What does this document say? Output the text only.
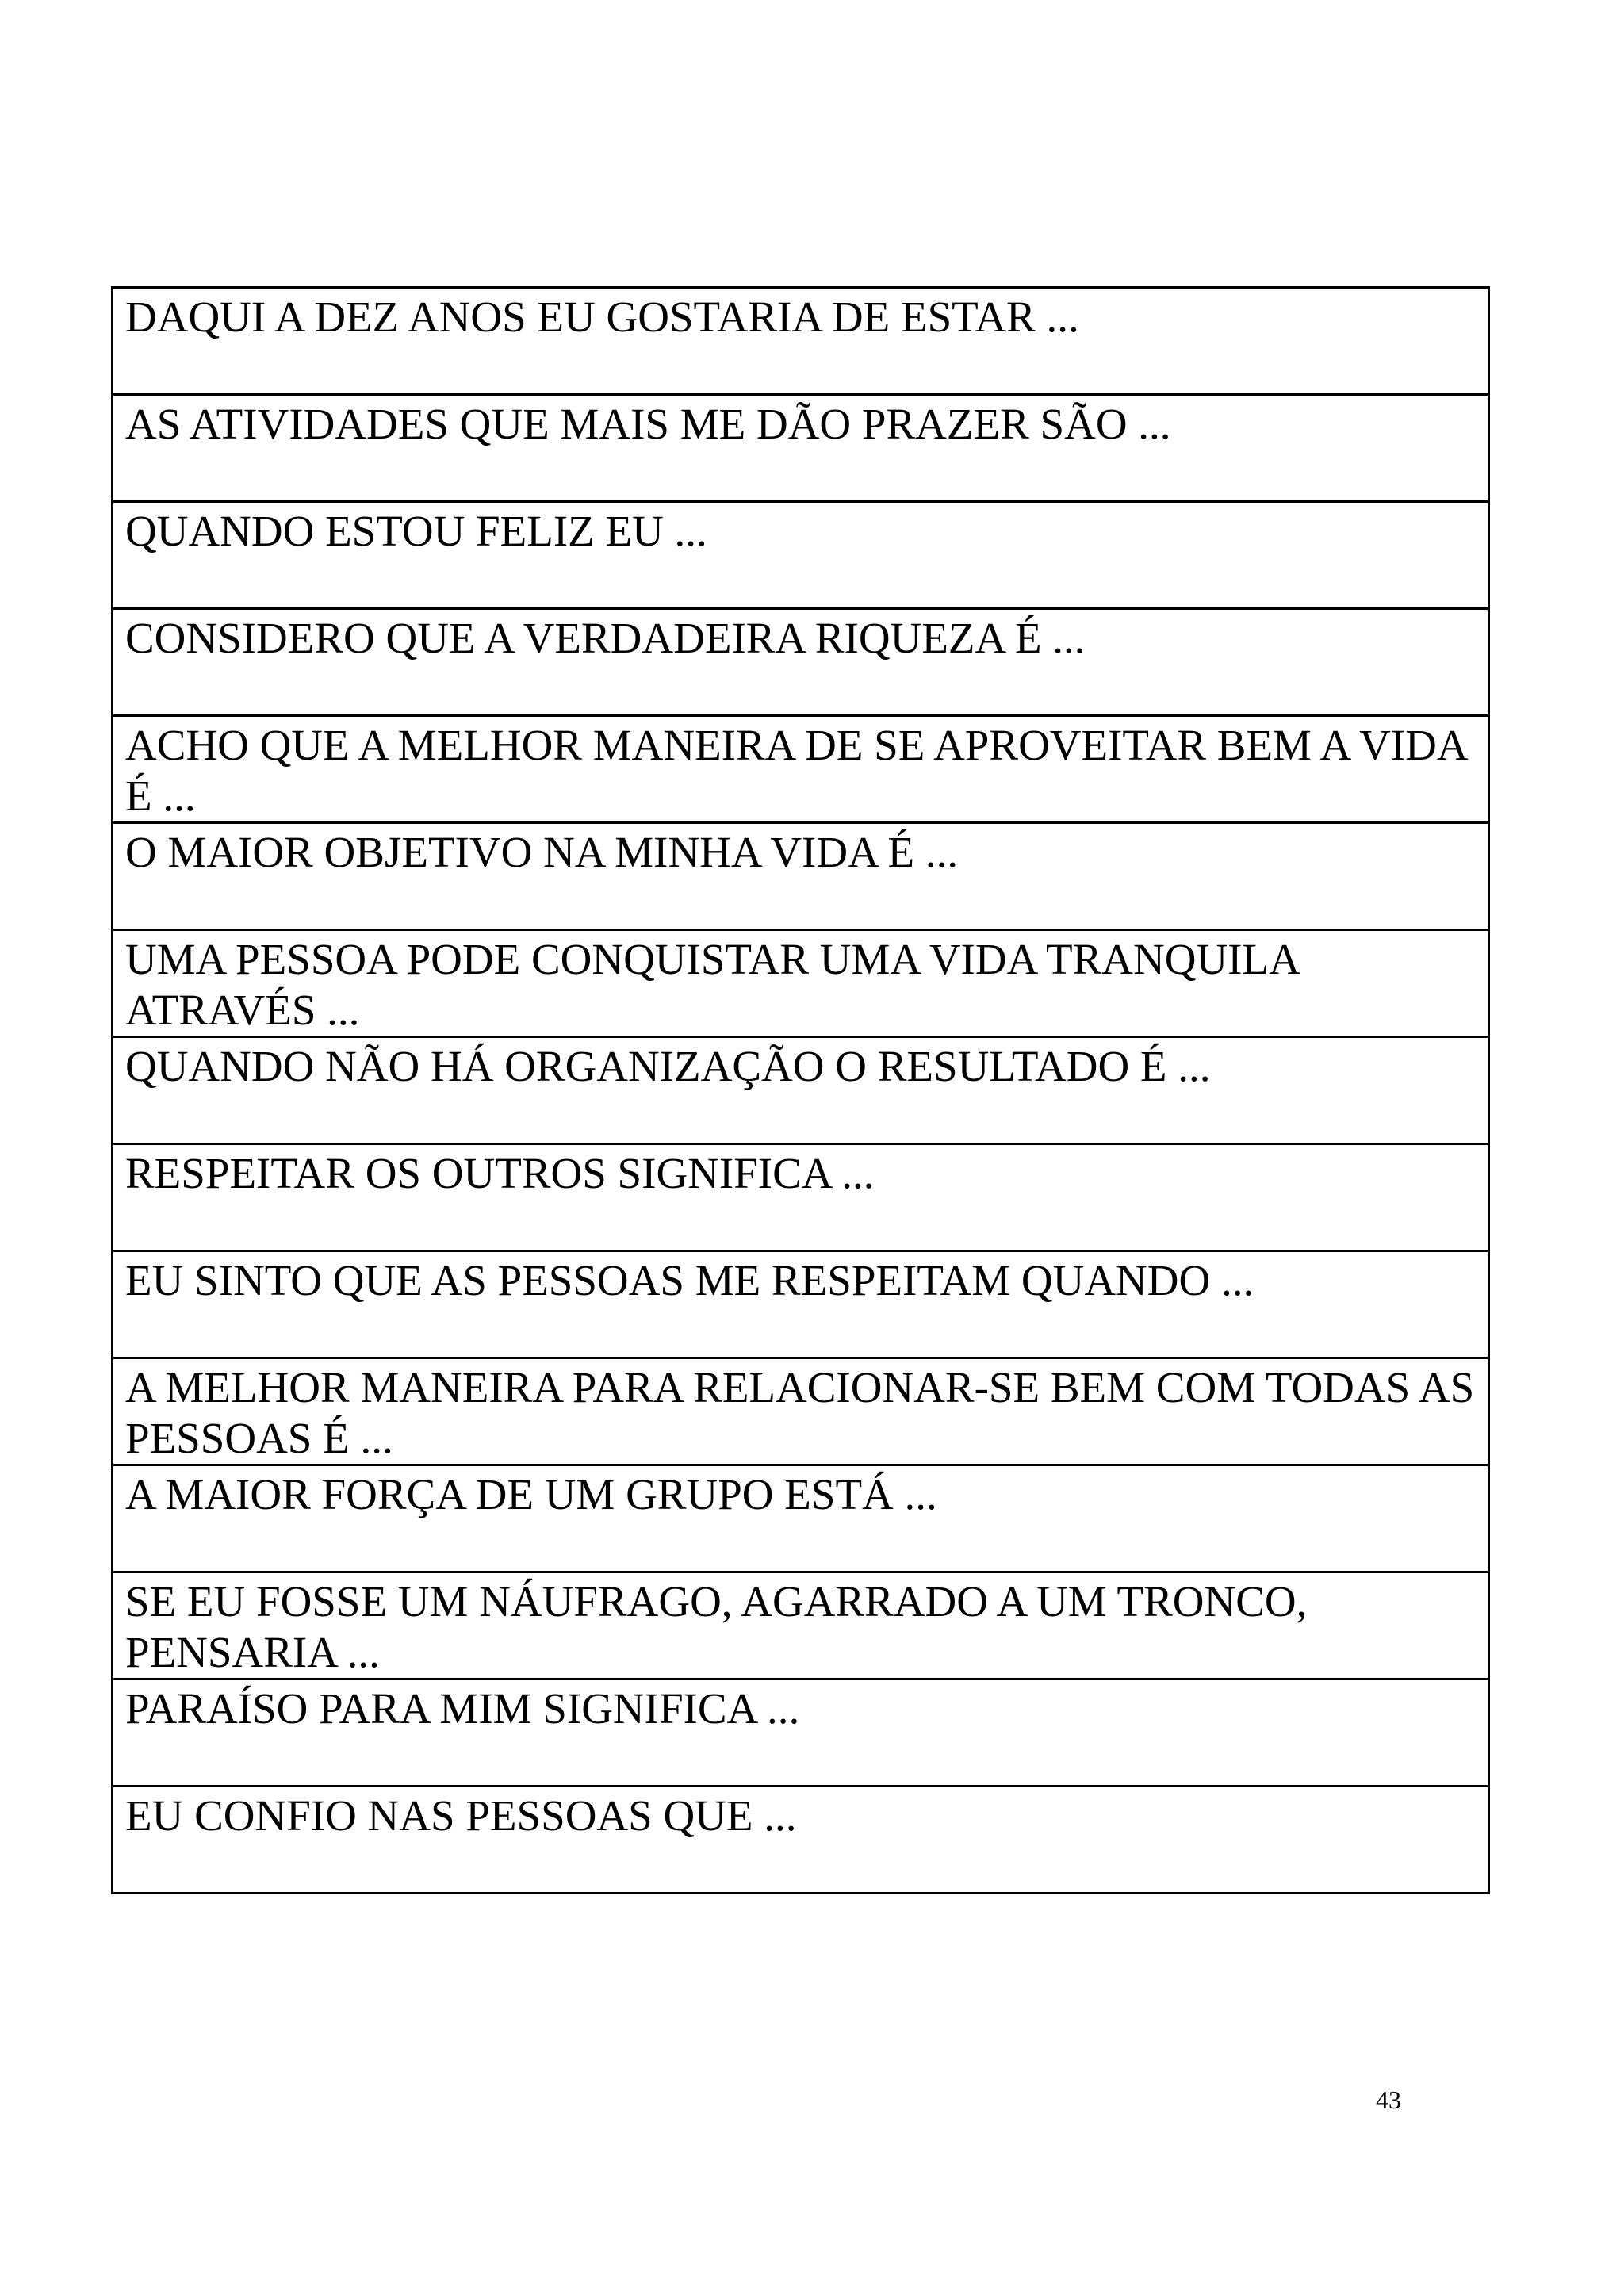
DAQUI A DEZ ANOS EU GOSTARIA DE ESTAR ...

AS ATIVIDADES QUE MAIS ME DÃO PRAZER SÃO ...

QUANDO ESTOU FELIZ EU ...

CONSIDERO QUE A VERDADEIRA RIQUEZA É ...

ACHO QUE A MELHOR MANEIRA DE SE APROVEITAR BEM A VIDA É ...

O MAIOR OBJETIVO NA MINHA VIDA É ...

UMA PESSOA PODE CONQUISTAR UMA VIDA TRANQUILA ATRAVÉS ...

QUANDO NÃO HÁ ORGANIZAÇÃO O RESULTADO É ...

RESPEITAR OS OUTROS SIGNIFICA ...

EU SINTO QUE AS PESSOAS ME RESPEITAM QUANDO ...

A MELHOR MANEIRA PARA RELACIONAR-SE BEM COM TODAS AS PESSOAS É ...

A MAIOR FORÇA DE UM GRUPO ESTÁ ...

SE EU FOSSE UM NÁUFRAGO, AGARRADO A UM TRONCO, PENSARIA ...

PARAÍSO PARA MIM SIGNIFICA ...

EU CONFIO NAS PESSOAS QUE ...
43
